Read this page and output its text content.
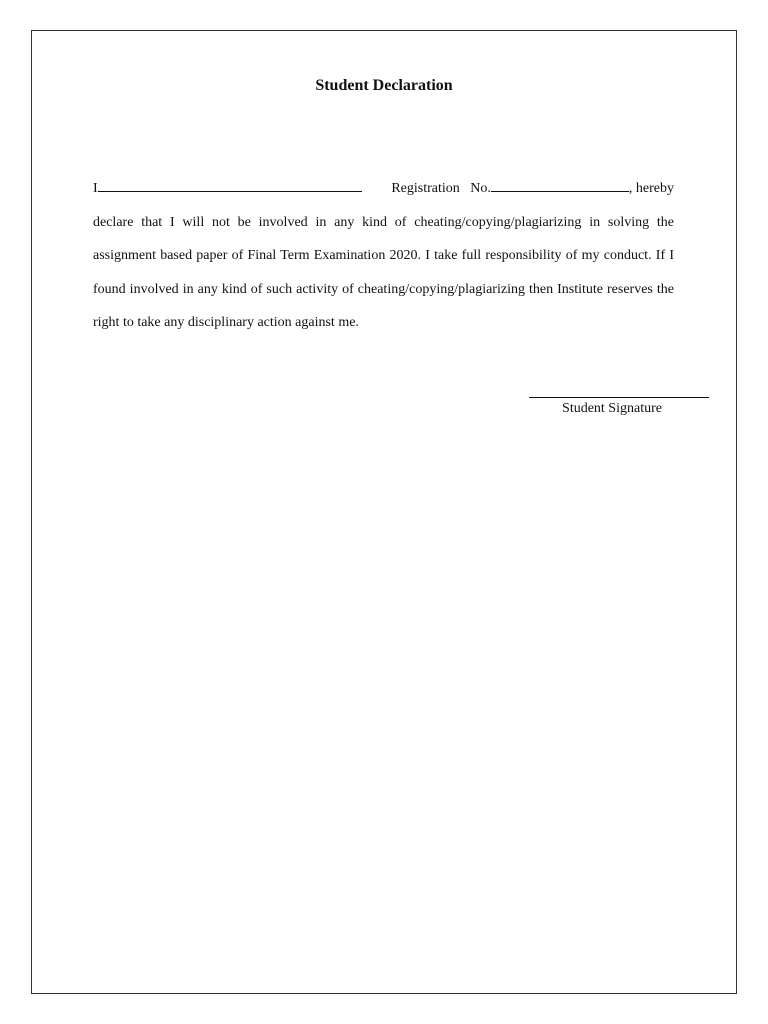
Student Declaration
I	Registration No.	, hereby
declare that I will not be involved in any kind of cheating/copying/plagiarizing in solving the assignment based paper of Final Term Examination 2020. I take full responsibility of my conduct. If I found involved in any kind of such activity of cheating/copying/plagiarizing then Institute reserves the right to take any disciplinary action against me.
Student Signature
